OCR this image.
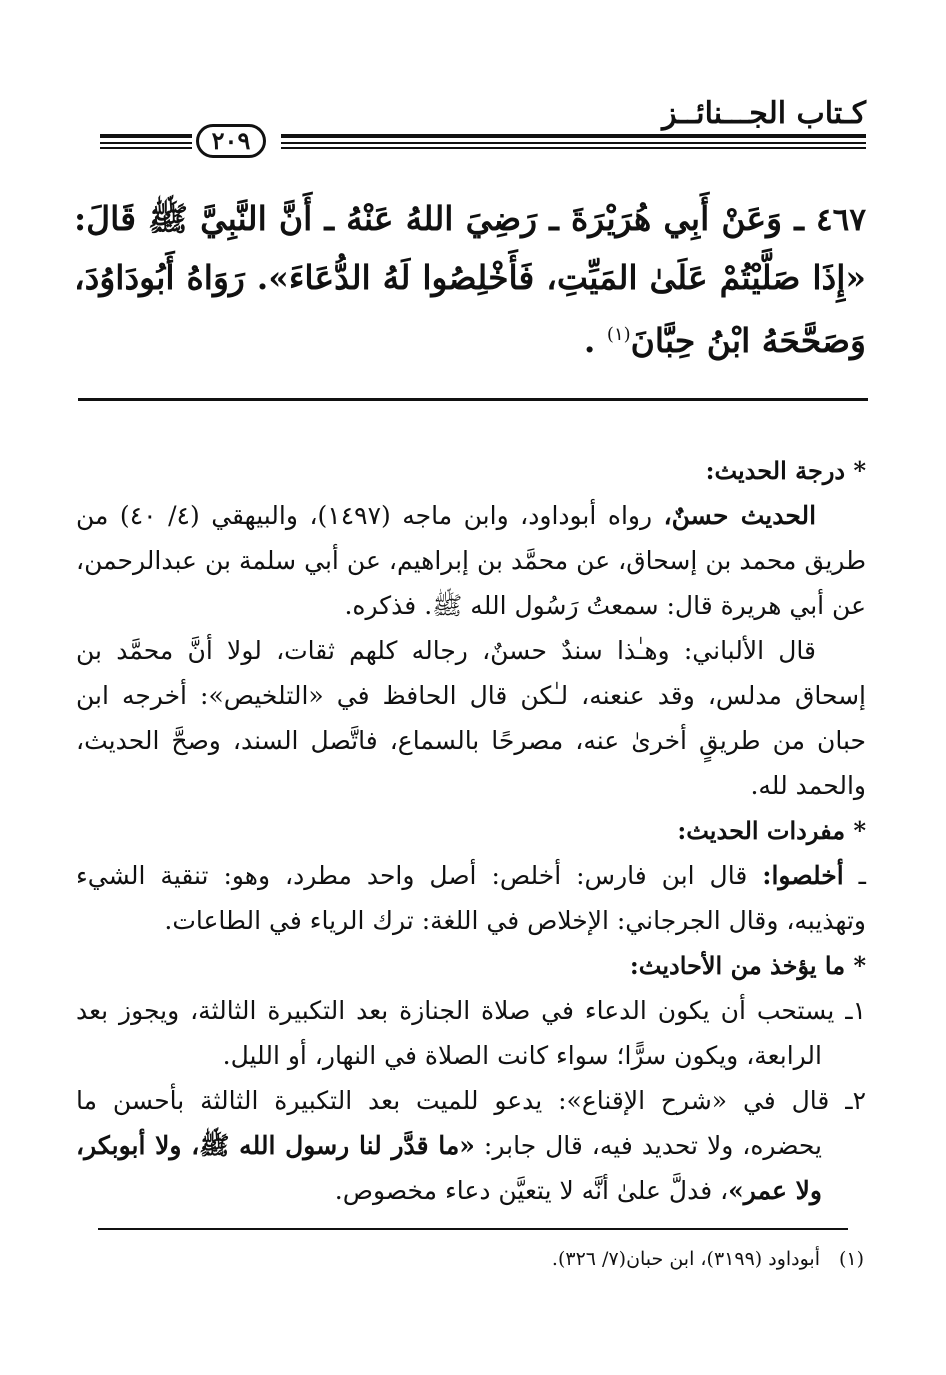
كـتاب الجـــنائــز
٢٠٩
٤٦٧ ـ وَعَنْ أَبِي هُرَيْرَةَ ـ رَضِيَ اللهُ عَنْهُ ـ أَنَّ النَّبِيَّ ﷺ قَالَ: «إِذَا صَلَّيْتُمْ عَلَىٰ المَيِّتِ، فَأَخْلِصُوا لَهُ الدُّعَاءَ». رَوَاهُ أَبُودَاوُدَ، وَصَحَّحَهُ ابْنُ حِبَّانَ$^{(١)}$ .

* درجة الحديث:

الحديث حسنٌ، رواه أبوداود، وابن ماجه (١٤٩٧)، والبيهقي (٤/ ٤٠) من طريق محمد بن إسحاق، عن محمَّد بن إبراهيم، عن أبي سلمة بن عبدالرحمن، عن أبي هريرة قال: سمعتُ رَسُول الله ﷺ. فذكره.

قال الألباني: وهـٰذا سندٌ حسنٌ، رجاله كلهم ثقات، لولا أنَّ محمَّد بن إسحاق مدلس، وقد عنعنه، لـٰكن قال الحافظ في «التلخيص»: أخرجه ابن حبان من طريقٍ أخرىٰ عنه، مصرحًا بالسماع، فاتَّصل السند، وصحَّ الحديث، والحمد لله.

* مفردات الحديث:

ـ أخلصوا: قال ابن فارس: أخلص: أصل واحد مطرد، وهو: تنقية الشيء وتهذيبه، وقال الجرجاني: الإخلاص في اللغة: ترك الرياء في الطاعات.

* ما يؤخذ من الأحاديث:

١ـ يستحب أن يكون الدعاء في صلاة الجنازة بعد التكبيرة الثالثة، ويجوز بعد الرابعة، ويكون سرًّا؛ سواء كانت الصلاة في النهار، أو الليل.

٢ـ قال في «شرح الإقناع»: يدعو للميت بعد التكبيرة الثالثة بأحسن ما يحضره، ولا تحديد فيه، قال جابر: «ما قدَّر لنا رسول الله ﷺ، ولا أبوبكر، ولا عمر»، فدلَّ علىٰ أنَّه لا يتعيَّن دعاء مخصوص.

(١)أبوداود (٣١٩٩)، ابن حبان(٧/ ٣٢٦).
